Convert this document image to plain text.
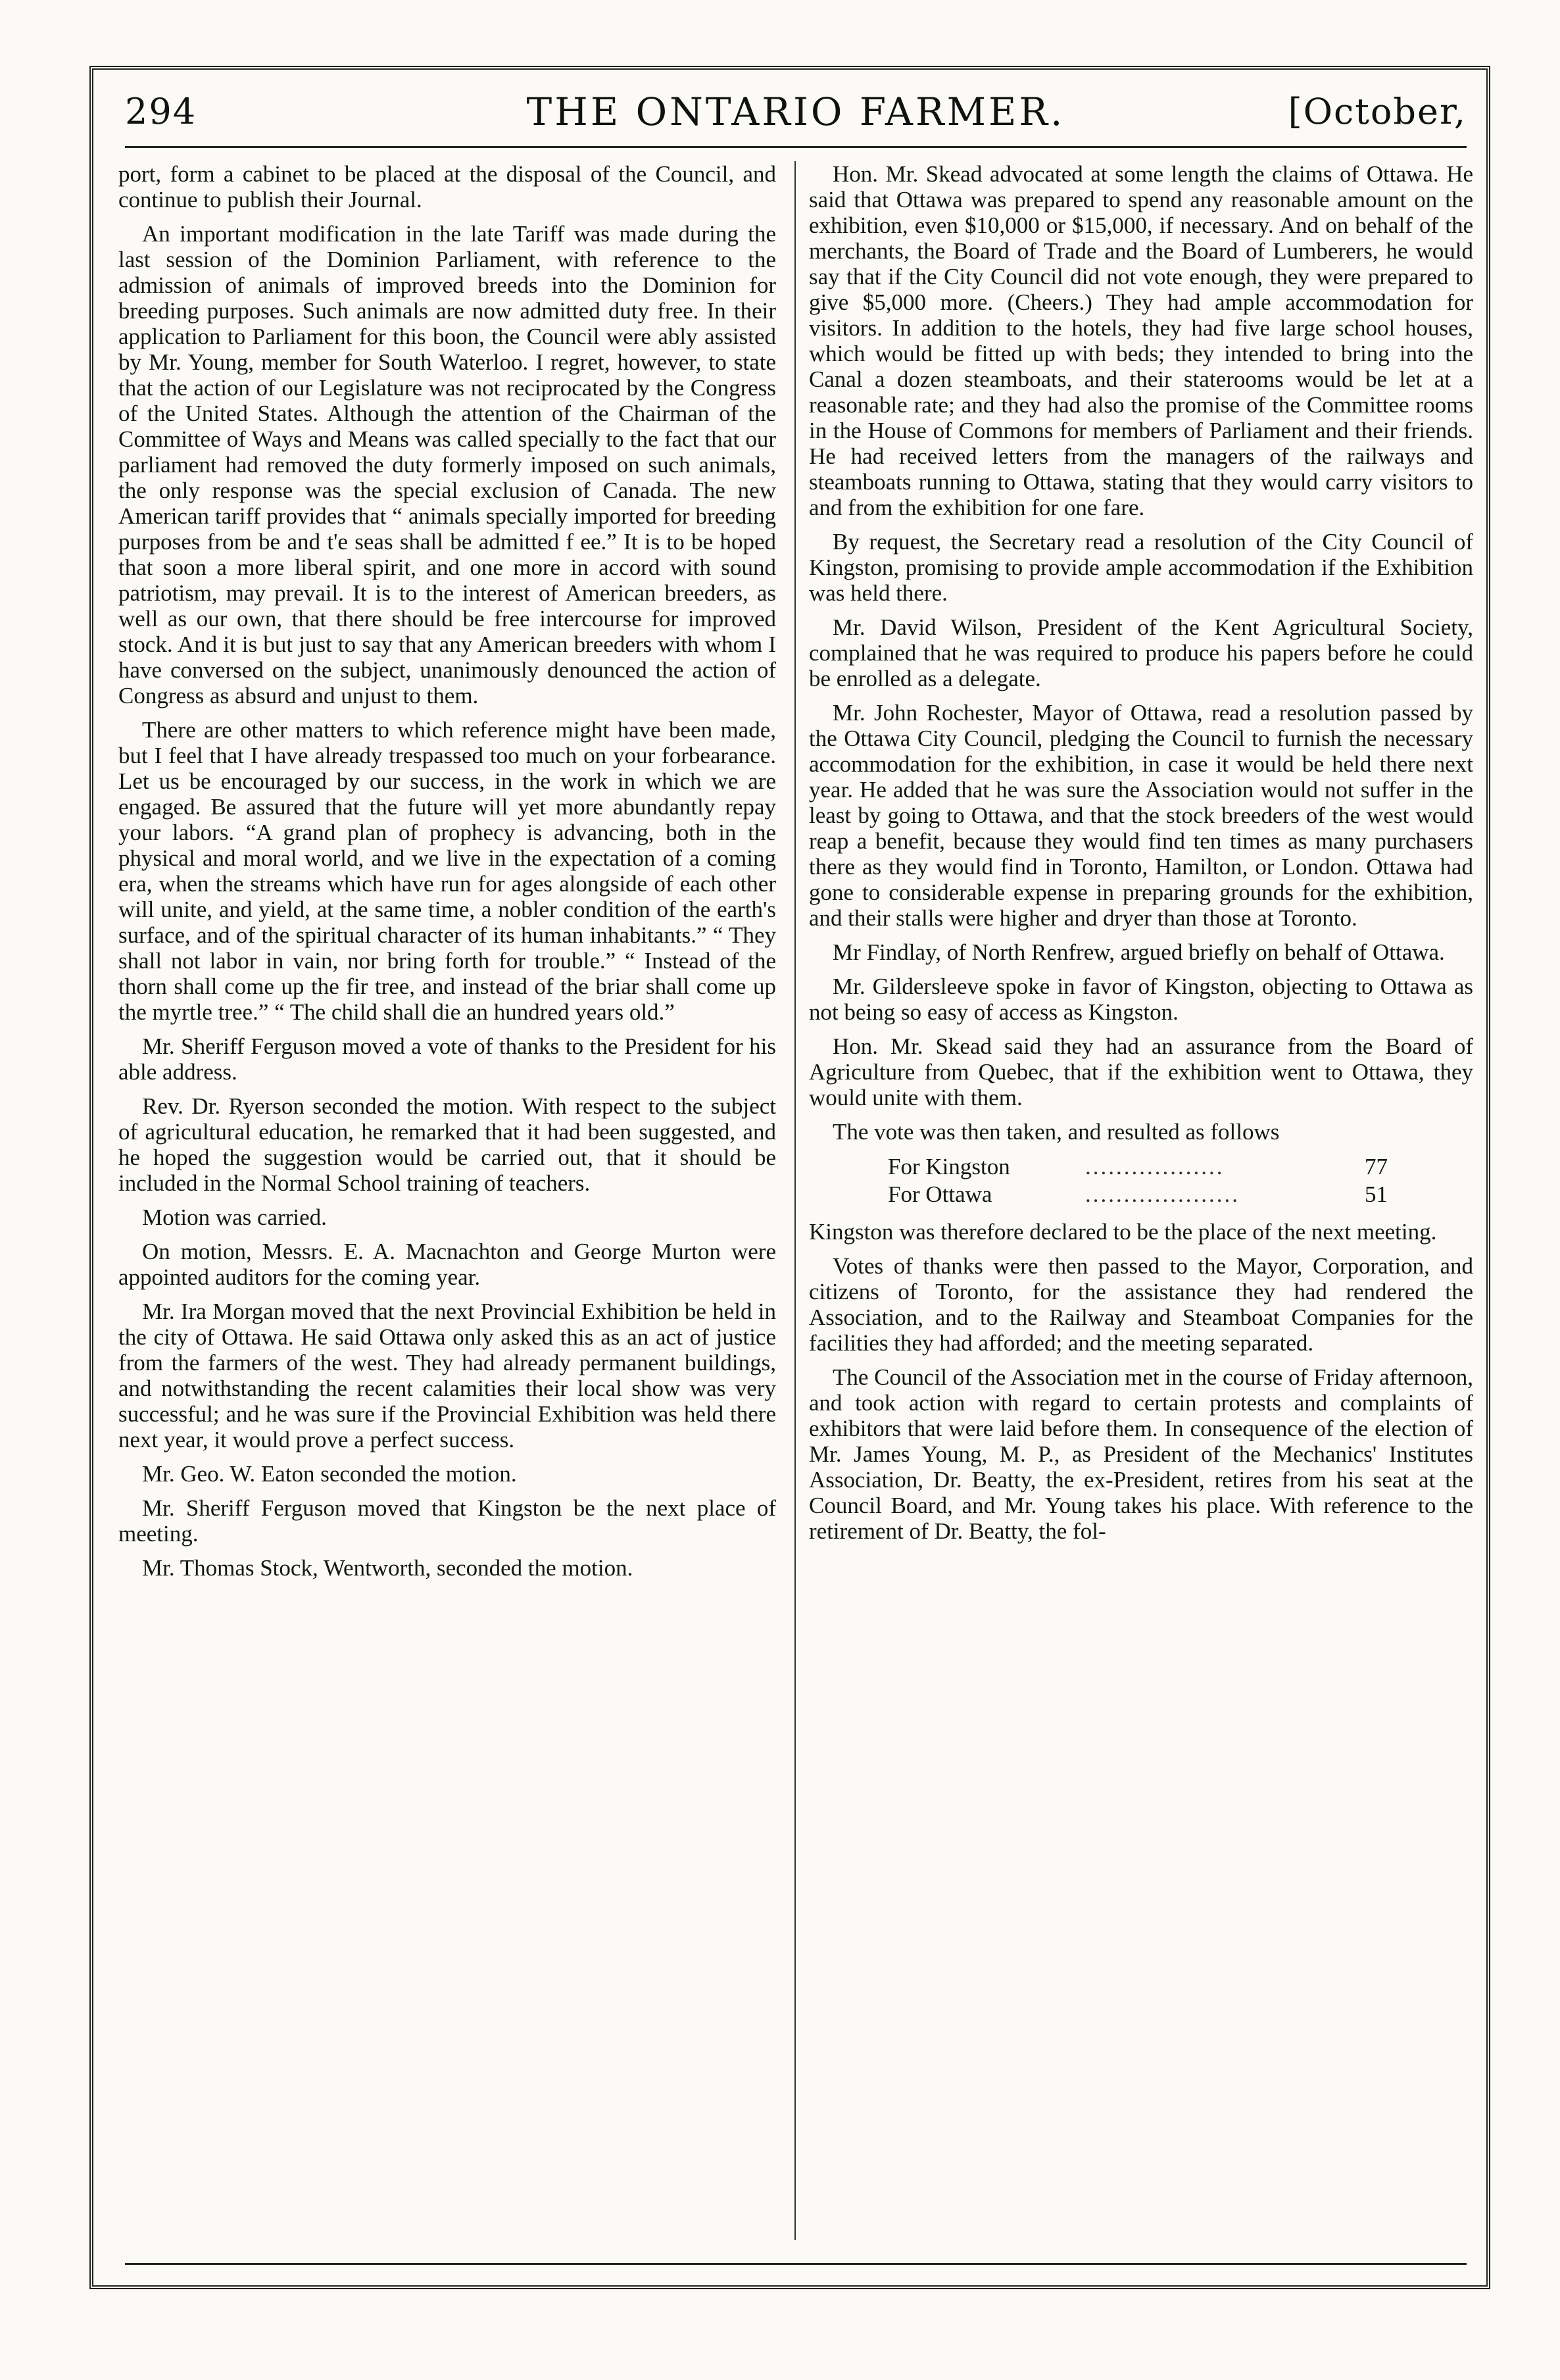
294	THE ONTARIO FARMER.	[October,

port, form a cabinet to be placed at the disposal of the Council, and continue to publish their Journal.

An important modification in the late Tariff was made during the last session of the Dominion Parliament, with reference to the admission of animals of improved breeds into the Dominion for breeding purposes. Such animals are now admitted duty free. In their application to Parliament for this boon, the Council were ably assisted by Mr. Young, member for South Waterloo. I regret, however, to state that the action of our Legislature was not reciprocated by the Congress of the United States. Although the attention of the Chairman of the Committee of Ways and Means was called specially to the fact that our parliament had removed the duty formerly imposed on such animals, the only response was the special exclusion of Canada. The new American tariff provides that “ animals specially imported for breeding purposes from be and t'e seas shall be admitted f ee.” It is to be hoped that soon a more liberal spirit, and one more in accord with sound patriotism, may prevail. It is to the interest of American breeders, as well as our own, that there should be free intercourse for improved stock. And it is but just to say that any American breeders with whom I have conversed on the subject, unanimously denounced the action of Congress as absurd and unjust to them.

There are other matters to which reference might have been made, but I feel that I have already trespassed too much on your forbearance. Let us be encouraged by our success, in the work in which we are engaged. Be assured that the future will yet more abundantly repay your labors. “A grand plan of prophecy is advancing, both in the physical and moral world, and we live in the expectation of a coming era, when the streams which have run for ages alongside of each other will unite, and yield, at the same time, a nobler condition of the earth's surface, and of the spiritual character of its human inhabitants.” “ They shall not labor in vain, nor bring forth for trouble.” “ Instead of the thorn shall come up the fir tree, and instead of the briar shall come up the myrtle tree.” “ The child shall die an hundred years old.”

Mr. Sheriff Ferguson moved a vote of thanks to the President for his able address.

Rev. Dr. Ryerson seconded the motion. With respect to the subject of agricultural education, he remarked that it had been suggested, and he hoped the suggestion would be carried out, that it should be included in the Normal School training of teachers.

Motion was carried.

On motion, Messrs. E. A. Macnachton and George Murton were appointed auditors for the coming year.

Mr. Ira Morgan moved that the next Provincial Exhibition be held in the city of Ottawa. He said Ottawa only asked this as an act of justice from the farmers of the west. They had already permanent buildings, and notwithstanding the recent calamities their local show was very successful; and he was sure if the Provincial Exhibition was held there next year, it would prove a perfect success.

Mr. Geo. W. Eaton seconded the motion.

Mr. Sheriff Ferguson moved that Kingston be the next place of meeting.

Mr. Thomas Stock, Wentworth, seconded the motion.

Hon. Mr. Skead advocated at some length the claims of Ottawa. He said that Ottawa was prepared to spend any reasonable amount on the exhibition, even $10,000 or $15,000, if necessary. And on behalf of the merchants, the Board of Trade and the Board of Lumberers, he would say that if the City Council did not vote enough, they were prepared to give $5,000 more. (Cheers.) They had ample accommodation for visitors. In addition to the hotels, they had five large school houses, which would be fitted up with beds; they intended to bring into the Canal a dozen steamboats, and their staterooms would be let at a reasonable rate; and they had also the promise of the Committee rooms in the House of Commons for members of Parliament and their friends. He had received letters from the managers of the railways and steamboats running to Ottawa, stating that they would carry visitors to and from the exhibition for one fare.

By request, the Secretary read a resolution of the City Council of Kingston, promising to provide ample accommodation if the Exhibition was held there.

Mr. David Wilson, President of the Kent Agricultural Society, complained that he was required to produce his papers before he could be enrolled as a delegate.

Mr. John Rochester, Mayor of Ottawa, read a resolution passed by the Ottawa City Council, pledging the Council to furnish the necessary accommodation for the exhibition, in case it would be held there next year. He added that he was sure the Association would not suffer in the least by going to Ottawa, and that the stock breeders of the west would reap a benefit, because they would find ten times as many purchasers there as they would find in Toronto, Hamilton, or London. Ottawa had gone to considerable expense in preparing grounds for the exhibition, and their stalls were higher and dryer than those at Toronto.

Mr Findlay, of North Renfrew, argued briefly on behalf of Ottawa.

Mr. Gildersleeve spoke in favor of Kingston, objecting to Ottawa as not being so easy of access as Kingston.

Hon. Mr. Skead said they had an assurance from the Board of Agriculture from Quebec, that if the exhibition went to Ottawa, they would unite with them.

The vote was then taken, and resulted as follows

For Kingston	..................	77
For Ottawa	....................	51

Kingston was therefore declared to be the place of the next meeting.

Votes of thanks were then passed to the Mayor, Corporation, and citizens of Toronto, for the assistance they had rendered the Association, and to the Railway and Steamboat Companies for the facilities they had afforded; and the meeting separated.

The Council of the Association met in the course of Friday afternoon, and took action with regard to certain protests and complaints of exhibitors that were laid before them. In consequence of the election of Mr. James Young, M. P., as President of the Mechanics' Institutes Association, Dr. Beatty, the ex-President, retires from his seat at the Council Board, and Mr. Young takes his place. With reference to the retirement of Dr. Beatty, the fol-
